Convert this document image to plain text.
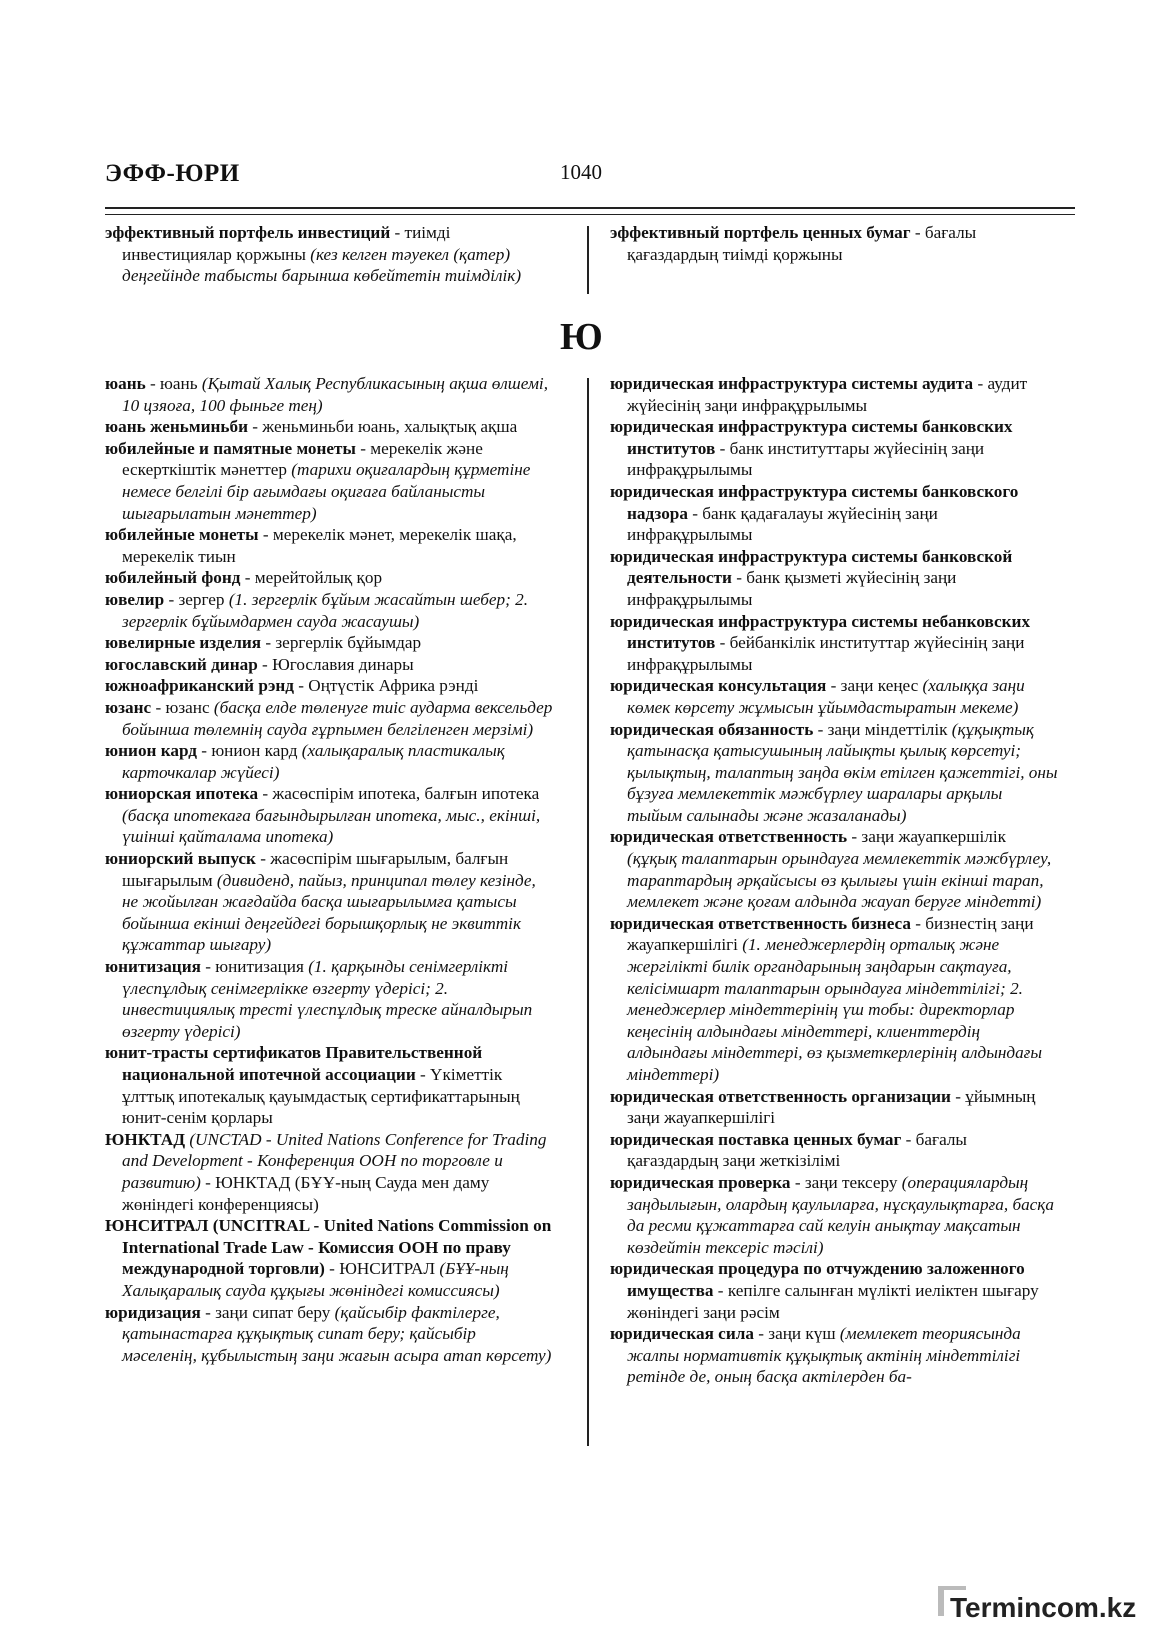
ЭФФ-ЮРИ	1040

эффективный портфель инвестиций - тиімді инвестициялар қоржыны (кез келген тәуекел (қатер) деңгейінде табысты барынша көбейтетін тиімділік)

эффективный портфель ценных бумаг - бағалы қағаздардың тиімді қоржыны

Ю

юань - юань (Қытай Халық Республикасының ақша өлшемі, 10 цзяоға, 100 фыньге тең)

юань женьминьби - женьминьби юань, халықтық ақша

юбилейные и памятные монеты - мерекелік және ескерткіштік мәнеттер (тарихи оқиғалардың құрметіне немесе белгілі бір ағымдағы оқиғаға байланысты шығарылатын мәнеттер)

юбилейные монеты - мерекелік мәнет, мерекелік шақа, мерекелік тиын

юбилейный фонд - мерейтойлық қор

ювелир - зергер (1. зергерлік бұйым жасайтын шебер; 2. зергерлік бұйымдармен сауда жасаушы)

ювелирные изделия - зергерлік бұйымдар

югославский динар - Югославия динары

южноафриканский рэнд - Оңтүстік Африка рэнді

юзанс - юзанс (басқа елде төленуге тиіс аударма вексельдер бойынша төлемнің сауда ғұрпымен белгіленген мерзімі)

юнион кард - юнион кард (халықаралық пластикалық карточкалар жүйесі)

юниорская ипотека - жасөспірім ипотека, балғын ипотека (басқа ипотекаға бағындырылған ипотека, мыс., екінші, үшінші қайталама ипотека)

юниорский выпуск - жасөспірім шығарылым, балғын шығарылым (дивиденд, пайыз, принципал төлеу кезінде, не жойылған жағдайда басқа шығарылымға қатысы бойынша екінші деңгейдегі борышқорлық не эквиттік құжаттар шығару)

юнитизация - юнитизация (1. қарқынды сенімгерлікті үлеспұлдық сенімгерлікке өзгерту үдерісі; 2. инвестициялық тресті үлеспұлдық треске айналдырып өзгерту үдерісі)

юнит-трасты сертификатов Правительственной национальной ипотечной ассоциации - Үкіметтік ұлттық ипотекалық қауымдастық сертификаттарының юнит-сенім қорлары

ЮНКТАД (UNCTAD - United Nations Conference for Trading and Development - Конференция ООН по торговле и развитию) - ЮНКТАД (БҰҰ-ның Сауда мен даму жөніндегі конференциясы)

ЮНСИТРАЛ (UNCITRAL - United Nations Commission on International Trade Law - Комиссия ООН по праву международной торговли) - ЮНСИТРАЛ (БҰҰ-ның Халықаралық сауда құқығы жөніндегі комиссиясы)

юридизация - заңи сипат беру (қайсыбір фактілерге, қатынастарға құқықтық сипат беру; қайсыбір мәселенің, құбылыстың заңи жағын асыра атап көрсету)

юридическая инфраструктура системы аудита - аудит жүйесінің заңи инфрақұрылымы

юридическая инфраструктура системы банковских институтов - банк институттары жүйесінің заңи инфрақұрылымы

юридическая инфраструктура системы банковского надзора - банк қадағалауы жүйесінің заңи инфрақұрылымы

юридическая инфраструктура системы банковской деятельности - банк қызметі жүйесінің заңи инфрақұрылымы

юридическая инфраструктура системы небанковских институтов - бейбанкілік институттар жүйесінің заңи инфрақұрылымы

юридическая консультация - заңи кеңес (халыққа заңи көмек көрсету жұмысын ұйымдастыратын мекеме)

юридическая обязанность - заңи міндеттілік (құқықтық қатынасқа қатысушының лайықты қылық көрсетуі; қылықтың, талаптың заңда өкім етілген қажеттігі, оны бұзуға мемлекеттік мәжбүрлеу шаралары арқылы тыйым салынады және жазаланады)

юридическая ответственность - заңи жауапкершілік (құқық талаптарын орындауға мемлекеттік мәжбүрлеу, тараптардың әрқайсысы өз қылығы үшін екінші тарап, мемлекет және қоғам алдында жауап беруге міндетті)

юридическая ответственность бизнеса - бизнестің заңи жауапкершілігі (1. менеджерлердің орталық және жергілікті билік органдарының заңдарын сақтауға, келісімшарт талаптарын орындауға міндеттілігі; 2. менеджерлер міндеттерінің үш тобы: директорлар кеңесінің алдындағы міндеттері, клиенттердің алдындағы міндеттері, өз қызметкерлерінің алдындағы міндеттері)

юридическая ответственность организации - ұйымның заңи жауапкершілігі

юридическая поставка ценных бумаг - бағалы қағаздардың заңи жеткізілімі

юридическая проверка - заңи тексеру (операциялардың заңдылығын, олардың қаулыларға, нұсқаулықтарға, басқа да ресми құжаттарға сай келуін анықтау мақсатын көздейтін тексеріс тәсілі)

юридическая процедура по отчуждению заложенного имущества - кепілге салынған мүлікті иеліктен шығару жөніндегі заңи рәсім

юридическая сила - заңи күш (мемлекет теориясында жалпы нормативтік құқықтық актінің міндеттілігі ретінде де, оның басқа актілерден ба-

Termincom.kz
